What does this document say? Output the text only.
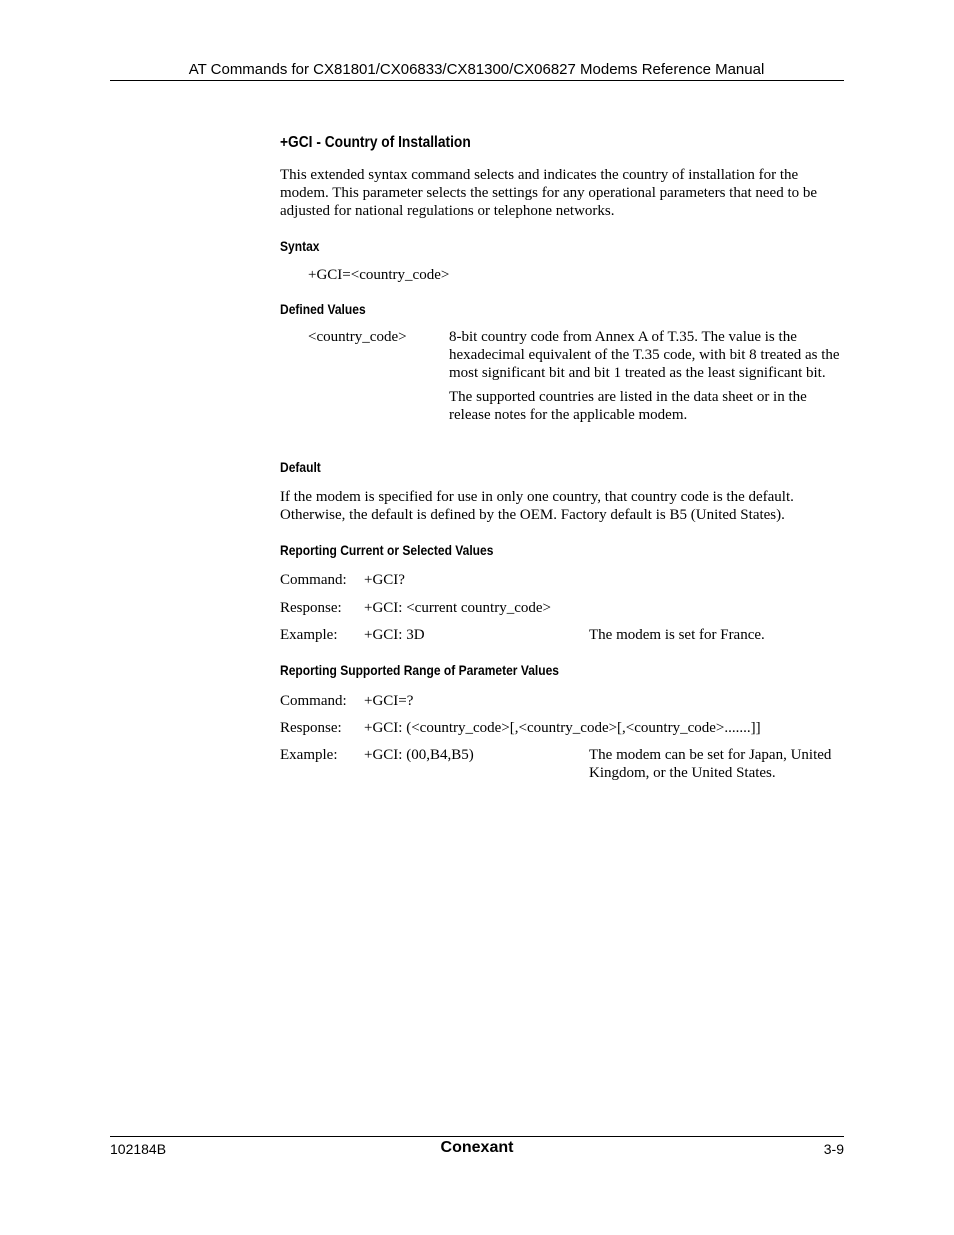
AT Commands for CX81801/CX06833/CX81300/CX06827 Modems Reference Manual
+GCI - Country of Installation
This extended syntax command selects and indicates the country of installation for the modem. This parameter selects the settings for any operational parameters that need to be adjusted for national regulations or telephone networks.
Syntax
+GCI=<country_code>
Defined Values
<country_code>	8-bit country code from Annex A of T.35. The value is the hexadecimal equivalent of the T.35 code, with bit 8 treated as the most significant bit and bit 1 treated as the least significant bit.

The supported countries are listed in the data sheet or in the release notes for the applicable modem.

Default
If the modem is specified for use in only one country, that country code is the default. Otherwise, the default is defined by the OEM. Factory default is B5 (United States).
Reporting Current or Selected Values
Command: +GCI?
Response: +GCI: <current country_code>
Example: +GCI: 3D	The modem is set for France.
Reporting Supported Range of Parameter Values
Command: +GCI=?
Response: +GCI: (<country_code>[,<country_code>[,<country_code>.......]]
Example: +GCI: (00,B4,B5)	The modem can be set for Japan, United Kingdom, or the United States.
102184B	Conexant	3-9
